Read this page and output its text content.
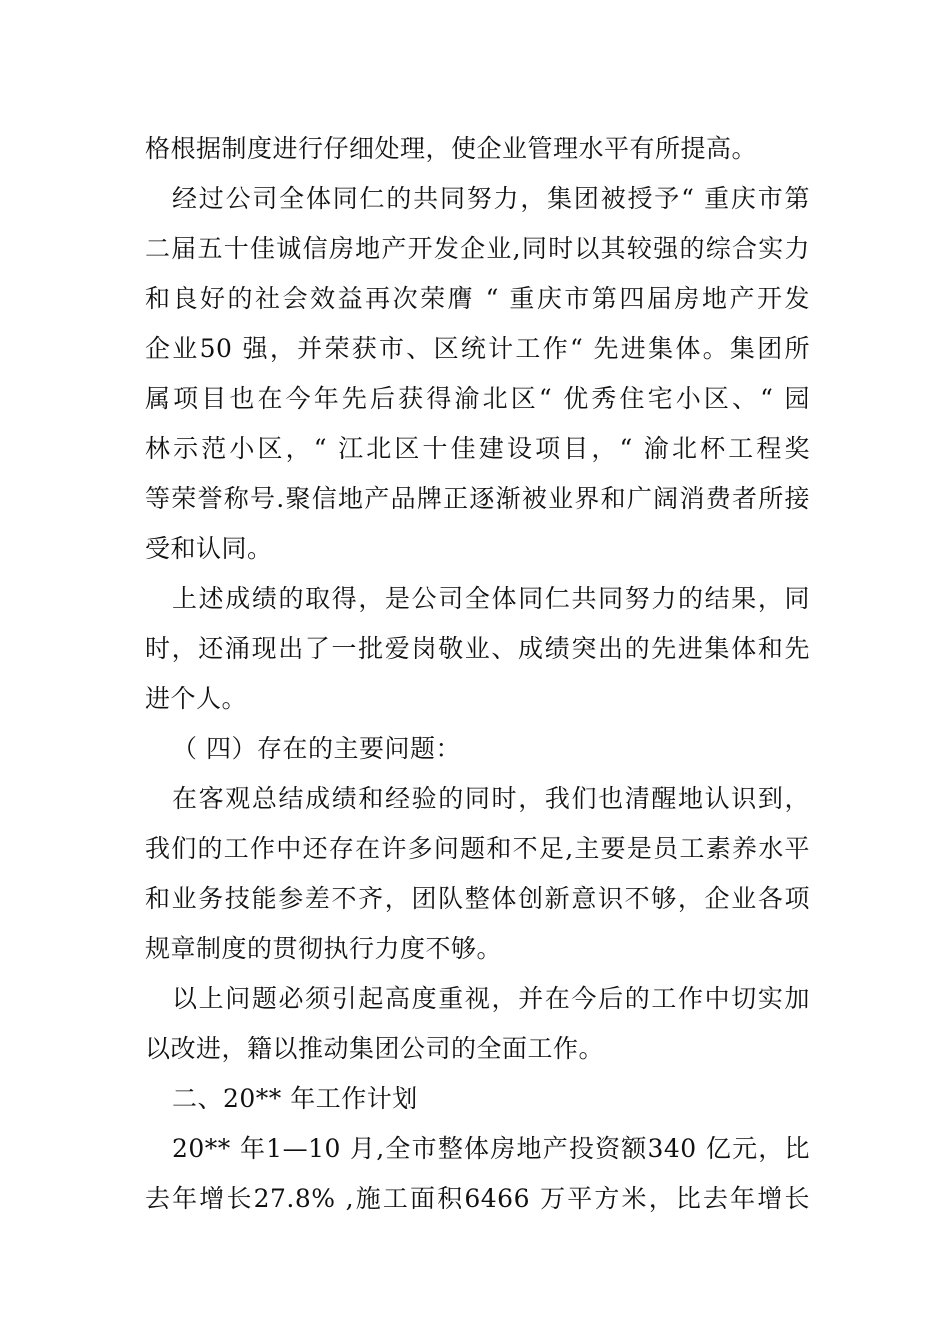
格根据制度进行仔细处理，使企业管理水平有所提高。
经过公司全体同仁的共同努力，集团被授予“ 重庆市第
二届五十佳诚信房地产开发企业,同时以其较强的综合实力
和良好的社会效益再次荣膺 “ 重庆市第四届房地产开发
企业50 强，并荣获市、区统计工作“ 先进集体。集团所
属项目也在今年先后获得渝北区“ 优秀住宅小区、“ 园
林示范小区，“ 江北区十佳建设项目，“ 渝北杯工程奖
等荣誉称号.聚信地产品牌正逐渐被业界和广阔消费者所接
受和认同。
上述成绩的取得，是公司全体同仁共同努力的结果，同
时，还涌现出了一批爱岗敬业、成绩突出的先进集体和先
进个人。
（ 四）存在的主要问题：
在客观总结成绩和经验的同时，我们也清醒地认识到，
我们的工作中还存在许多问题和不足,主要是员工素养水平
和业务技能参差不齐，团队整体创新意识不够，企业各项
规章制度的贯彻执行力度不够。
以上问题必须引起高度重视，并在今后的工作中切实加
以改进，籍以推动集团公司的全面工作。
二、20** 年工作计划
20** 年1—10 月,全市整体房地产投资额340 亿元，比
去年增长27.8% ,施工面积6466 万平方米，比去年增长
